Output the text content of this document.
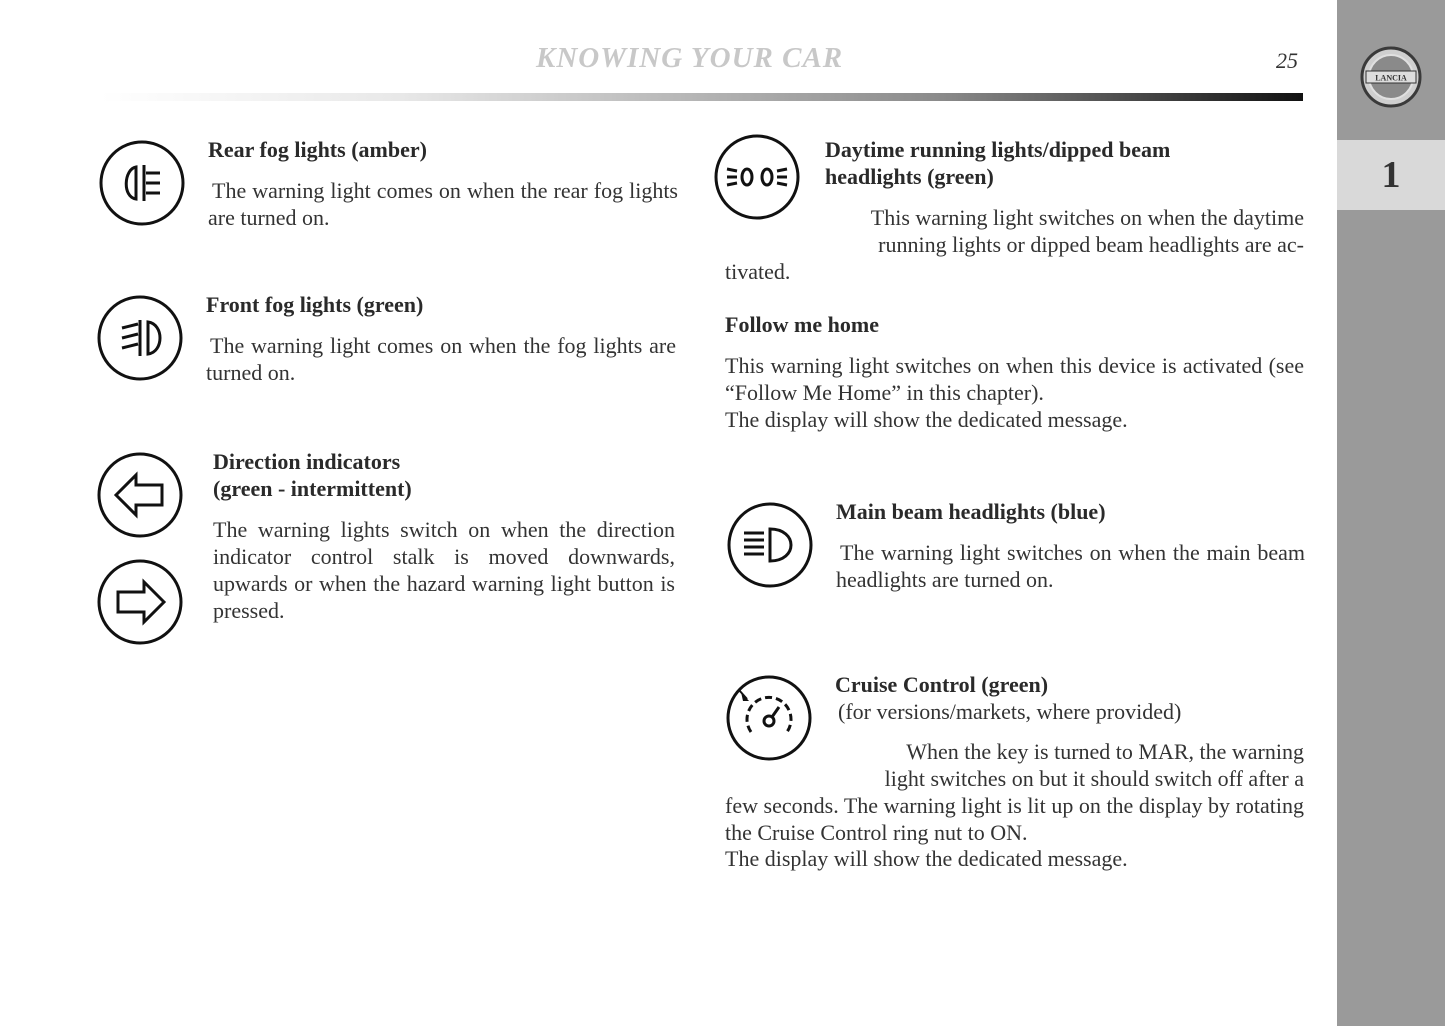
KNOWING YOUR CAR	25
LANCIA
1
Rear fog lights (amber)
The warning light comes on when the rear fog lights are turned on.
Front fog lights (green)
The warning light comes on when the fog lights are turned on.
Direction indicators
(green - intermittent)
The warning lights switch on when the direction indicator control stalk is moved downwards, upwards or when the hazard warning light button is pressed.
Daytime running lights/dipped beam
headlights (green)
This warning light switches on when the daytime
running lights or dipped beam headlights are ac-
tivated.
Follow me home
This warning light switches on when this device is activated (see “Follow Me Home” in this chapter).
The display will show the dedicated message.
Main beam headlights (blue)
The warning light switches on when the main beam headlights are turned on.
Cruise Control (green)
(for versions/markets, where provided)
When the key is turned to MAR, the warning
light switches on but it should switch off after a
few seconds. The warning light is lit up on the display by rotating the Cruise Control ring nut to ON.
The display will show the dedicated message.
